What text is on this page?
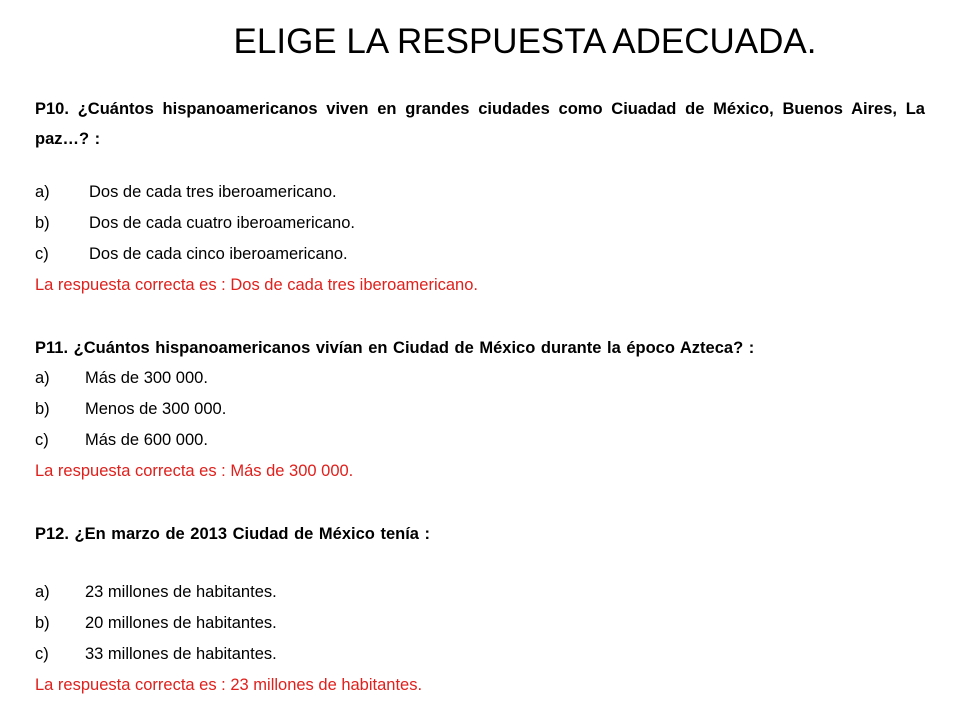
ELIGE LA RESPUESTA ADECUADA.
P10. ¿Cuántos hispanoamericanos viven en grandes ciudades como Ciuadad de México, Buenos Aires, La paz…? :
a) Dos de cada tres iberoamericano.
b) Dos de cada cuatro iberoamericano.
c) Dos de cada cinco iberoamericano.
La respuesta correcta es : Dos de cada tres iberoamericano.
P11. ¿Cuántos hispanoamericanos vivían en Ciudad de México durante la époco Azteca? :
a) Más de 300 000.
b) Menos de 300 000.
c) Más de 600 000.
La respuesta correcta es : Más de 300 000.
P12. ¿En marzo de 2013 Ciudad de México tenía :
a) 23 millones de habitantes.
b) 20 millones de habitantes.
c) 33 millones de habitantes.
La respuesta correcta es : 23 millones de habitantes.
